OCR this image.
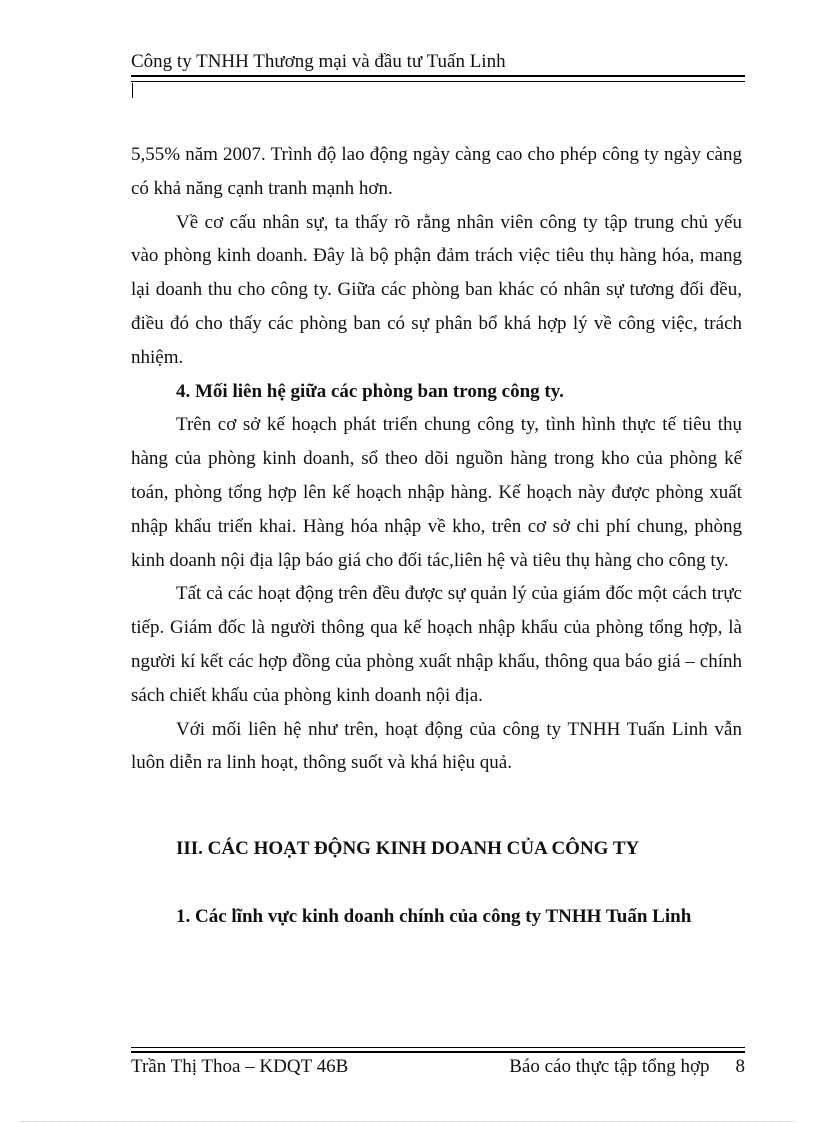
Công ty TNHH Thương mại và đầu tư Tuấn Linh
5,55% năm 2007. Trình độ lao động ngày càng cao cho phép công ty ngày càng
có khả năng cạnh tranh mạnh hơn.
Về cơ cấu nhân sự, ta thấy rõ rằng nhân viên công ty tập trung chủ yếu
vào phòng kinh doanh. Đây là bộ phận đảm trách việc tiêu thụ hàng hóa, mang
lại doanh thu cho công ty. Giữa các phòng ban khác có nhân sự tương đối đều,
điều đó cho thấy các phòng ban có sự phân bổ khá hợp lý về công việc, trách
nhiệm.
4. Mối liên hệ giữa các phòng ban trong công ty.
Trên cơ sở kế hoạch phát triển chung công ty, tình hình thực tế tiêu thụ
hàng của phòng kinh doanh, sổ theo dõi nguồn hàng trong kho của phòng kế
toán, phòng tổng hợp lên kế hoạch nhập hàng. Kế hoạch này được phòng xuất
nhập khẩu triển khai. Hàng hóa nhập về kho, trên cơ sở chi phí chung, phòng
kinh doanh nội địa lập báo giá cho đối tác,liên hệ và tiêu thụ hàng cho công ty.
Tất cả các hoạt động trên đều được sự quản lý của giám đốc một cách trực
tiếp. Giám đốc là người thông qua kế hoạch nhập khẩu của phòng tổng hợp, là
người kí kết các hợp đồng của phòng xuất nhập khẩu, thông qua báo giá – chính
sách chiết khấu của phòng kinh doanh nội địa.
Với mối liên hệ như trên, hoạt động của công ty TNHH Tuấn Linh vẫn
luôn diễn ra linh hoạt, thông suốt và khá hiệu quả.
III. CÁC HOẠT ĐỘNG KINH DOANH CỦA CÔNG TY
1. Các lĩnh vực kinh doanh chính của công ty TNHH Tuấn Linh
Trần Thị Thoa – KDQT 46B	Báo cáo thực tập tổng hợp 8
